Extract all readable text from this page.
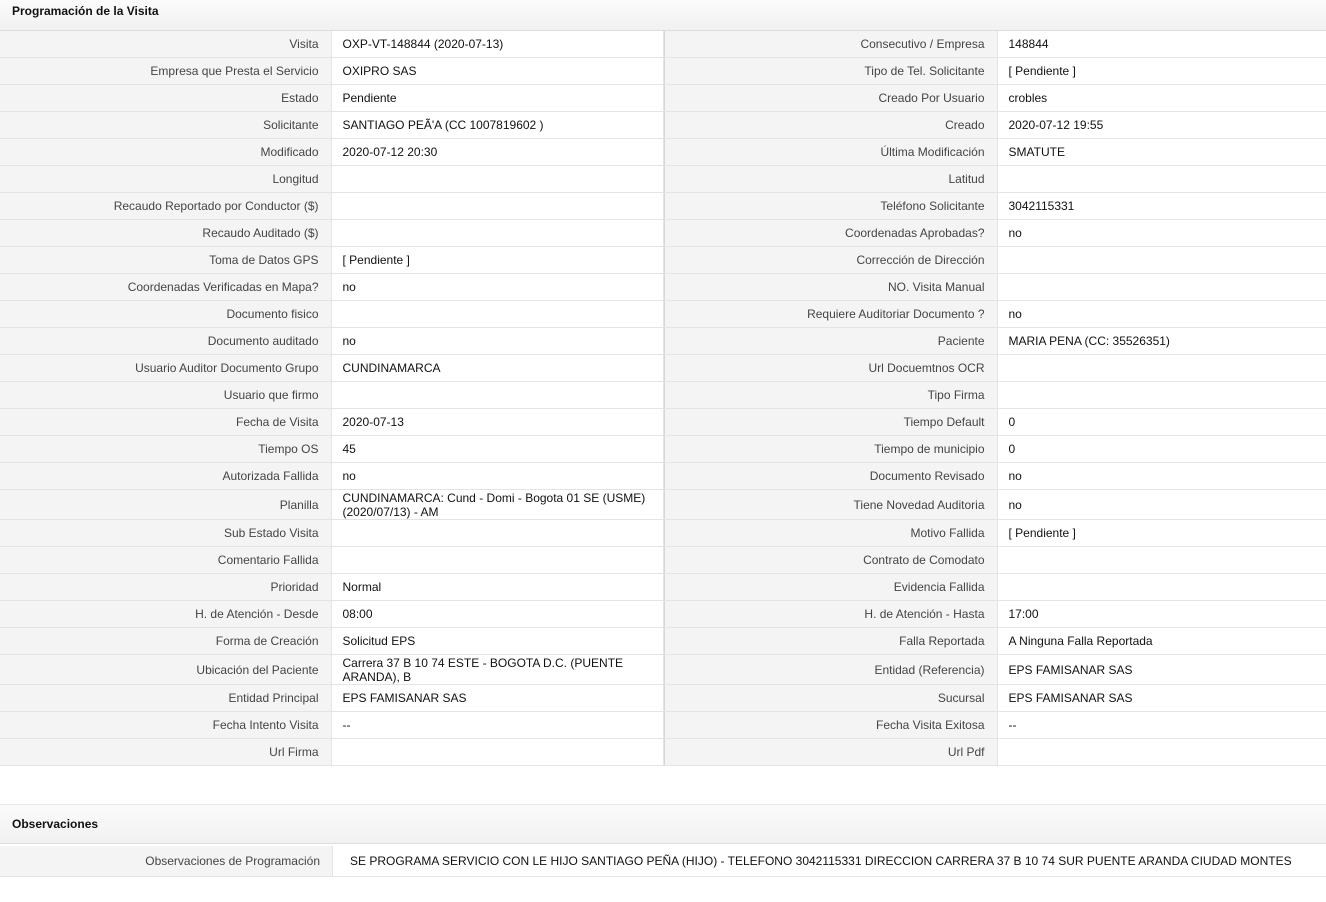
Programación de la Visita
Visita	OXP-VT-148844 (2020-07-13)		Consecutivo / Empresa	148844
Empresa que Presta el Servicio	OXIPRO SAS		Tipo de Tel. Solicitante	[ Pendiente ]
Estado	Pendiente		Creado Por Usuario	crobles
Solicitante	SANTIAGO PEÃ'A (CC 1007819602 )		Creado	2020-07-12 19:55
Modificado	2020-07-12 20:30		Última Modificación	SMATUTE
Longitud			Latitud	
Recaudo Reportado por Conductor ($)			Teléfono Solicitante	3042115331
Recaudo Auditado ($)			Coordenadas Aprobadas?	no
Toma de Datos GPS	[ Pendiente ]		Corrección de Dirección	
Coordenadas Verificadas en Mapa?	no		NO. Visita Manual	
Documento fisico			Requiere Auditoriar Documento ?	no
Documento auditado	no		Paciente	MARIA PENA (CC: 35526351)
Usuario Auditor Documento Grupo	CUNDINAMARCA		Url Docuemtnos OCR	
Usuario que firmo			Tipo Firma	
Fecha de Visita	2020-07-13		Tiempo Default	0
Tiempo OS	45		Tiempo de municipio	0
Autorizada Fallida	no		Documento Revisado	no
Planilla	CUNDINAMARCA: Cund - Domi - Bogota 01 SE (USME) (2020/07/13) - AM		Tiene Novedad Auditoria	no
Sub Estado Visita			Motivo Fallida	[ Pendiente ]
Comentario Fallida			Contrato de Comodato	
Prioridad	Normal		Evidencia Fallida	
H. de Atención - Desde	08:00		H. de Atención - Hasta	17:00
Forma de Creación	Solicitud EPS		Falla Reportada	A Ninguna Falla Reportada
Ubicación del Paciente	Carrera 37 B 10 74 ESTE - BOGOTA D.C. (PUENTE ARANDA), B		Entidad (Referencia)	EPS FAMISANAR SAS
Entidad Principal	EPS FAMISANAR SAS		Sucursal	EPS FAMISANAR SAS
Fecha Intento Visita	--		Fecha Visita Exitosa	--
Url Firma			Url Pdf	
Observaciones
Observaciones de Programación	SE PROGRAMA SERVICIO CON LE HIJO SANTIAGO PEÑA (HIJO) - TELEFONO 3042115331 DIRECCION CARRERA 37 B 10 74 SUR PUENTE ARANDA CIUDAD MONTES
